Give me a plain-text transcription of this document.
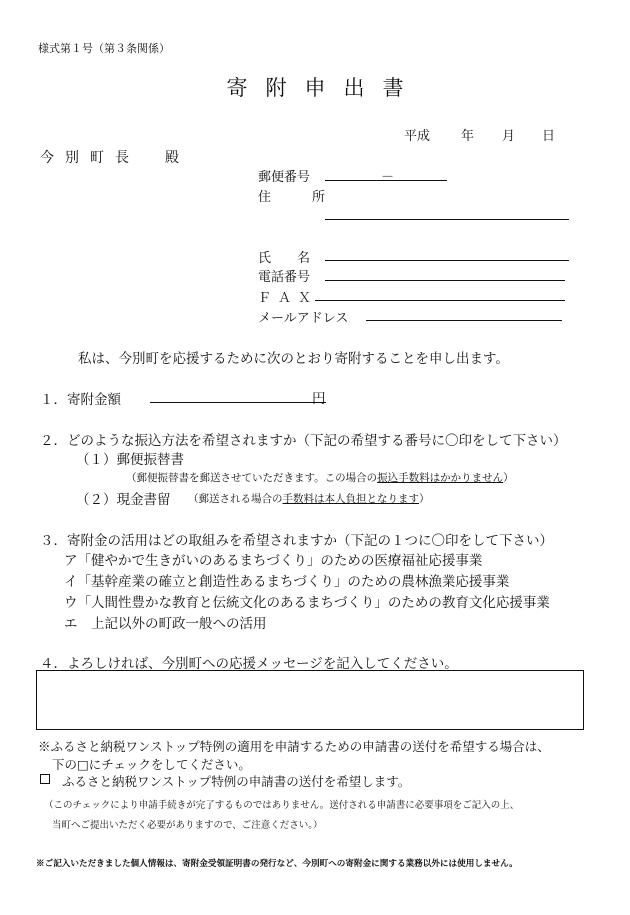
様式第１号（第３条関係）
寄附申出書
平成 年 月 日
今別町長　殿
郵便番号	－
住　所
氏　　名
電話番号
ＦＡＸ
メールアドレス
私は、今別町を応援するために次のとおり寄附することを申し出ます。
１．寄附金額	円
２．どのような振込方法を希望されますか（下記の希望する番号に〇印をして下さい）
（１）郵便振替書
（郵便振替書を郵送させていただきます。この場合の振込手数料はかかりません）
（２）現金書留 （郵送される場合の手数料は本人負担となります）
３．寄附金の活用はどの取組みを希望されますか（下記の１つに〇印をして下さい）
ア「健やかで生きがいのあるまちづくり」のための医療福祉応援事業
イ「基幹産業の確立と創造性あるまちづくり」のための農林漁業応援事業
ウ「人間性豊かな教育と伝統文化のあるまちづくり」のための教育文化応援事業
エ　上記以外の町政一般への活用
４．よろしければ、今別町への応援メッセージを記入してください。
※ふるさと納税ワンストップ特例の適用を申請するための申請書の送付を希望する場合は、
下の□にチェックをしてください。
ふるさと納税ワンストップ特例の申請書の送付を希望します。
（このチェックにより申請手続きが完了するものではありません。送付される申請書に必要事項をご記入の上、
当町へご提出いただく必要がありますので、ご注意ください。）
※ご記入いただきました個人情報は、寄附金受領証明書の発行など、今別町への寄附金に関する業務以外には使用しません。
